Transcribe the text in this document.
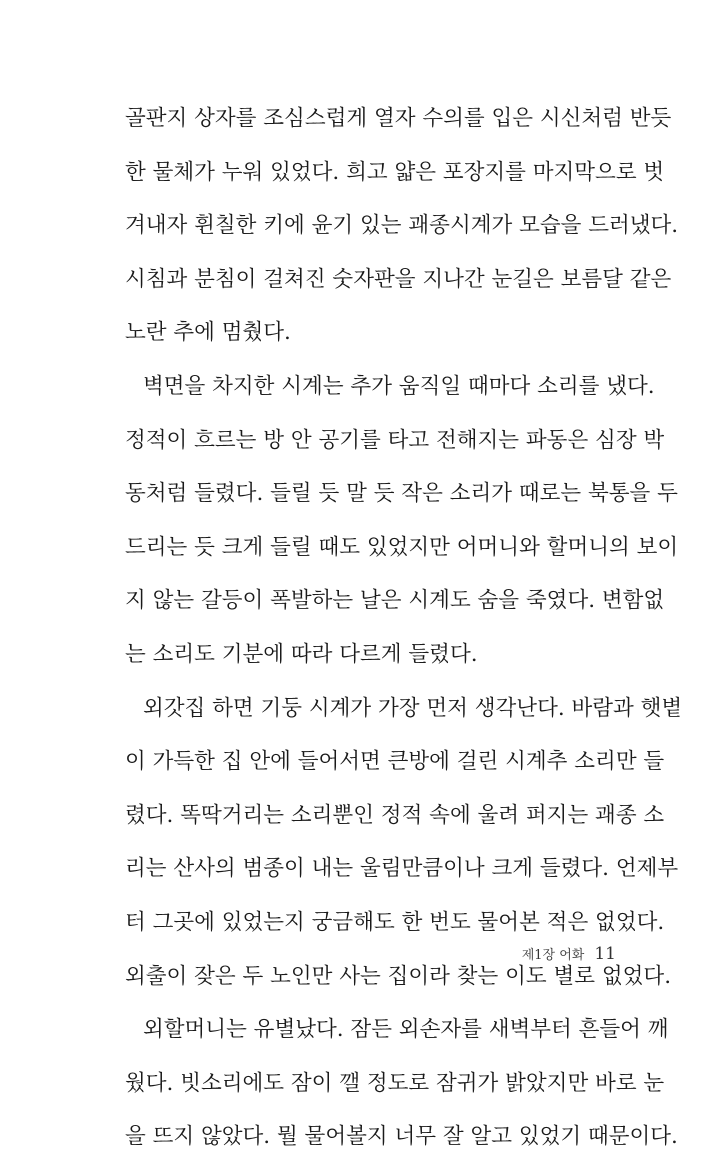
골판지 상자를 조심스럽게 열자 수의를 입은 시신처럼 반듯
한 물체가 누워 있었다. 희고 얇은 포장지를 마지막으로 벗
겨내자 휜칠한 키에 윤기 있는 괘종시계가 모습을 드러냈다.
시침과 분침이 걸쳐진 숫자판을 지나간 눈길은 보름달 같은
노란 추에 멈췄다.
벽면을 차지한 시계는 추가 움직일 때마다 소리를 냈다.
정적이 흐르는 방 안 공기를 타고 전해지는 파동은 심장 박
동처럼 들렸다. 들릴 듯 말 듯 작은 소리가 때로는 북통을 두
드리는 듯 크게 들릴 때도 있었지만 어머니와 할머니의 보이
지 않는 갈등이 폭발하는 날은 시계도 숨을 죽였다. 변함없
는 소리도 기분에 따라 다르게 들렸다.
외갓집 하면 기둥 시계가 가장 먼저 생각난다. 바람과 햇볕
이 가득한 집 안에 들어서면 큰방에 걸린 시계추 소리만 들
렸다. 똑딱거리는 소리뿐인 정적 속에 울려 퍼지는 괘종 소
리는 산사의 범종이 내는 울림만큼이나 크게 들렸다. 언제부
터 그곳에 있었는지 궁금해도 한 번도 물어본 적은 없었다.
외출이 잦은 두 노인만 사는 집이라 찾는 이도 별로 없었다.
외할머니는 유별났다. 잠든 외손자를 새벽부터 흔들어 깨
웠다. 빗소리에도 잠이 깰 정도로 잠귀가 밝았지만 바로 눈
을 뜨지 않았다. 뭘 물어볼지 너무 잘 알고 있었기 때문이다.
제1장 어화 11
